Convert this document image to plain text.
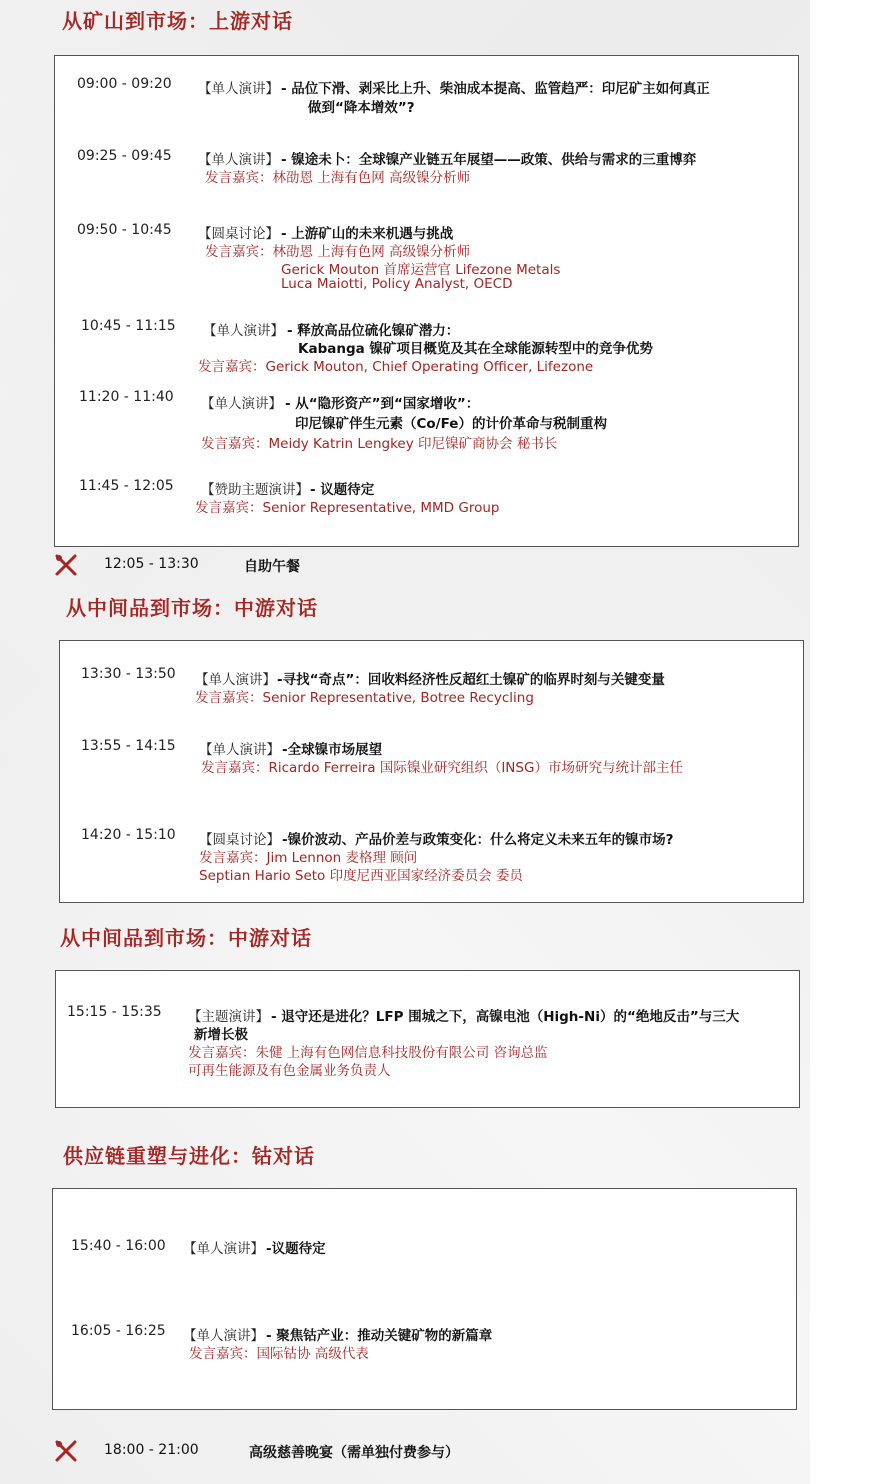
从矿山到市场：上游对话
09:00 - 09:20 【单人演讲】 - 品位下滑、剥采比上升、柴油成本提高、监管趋严：印尼矿主如何真正
做到“降本增效”?
09:25 - 09:45 【单人演讲】 - 镍途未卜：全球镍产业链五年展望——政策、供给与需求的三重博弈
发言嘉宾：林劭恩 上海有色网 高级镍分析师
09:50 - 10:45 【圆桌讨论】 - 上游矿山的未来机遇与挑战
发言嘉宾：林劭恩 上海有色网 高级镍分析师
Gerick Mouton 首席运营官 Lifezone Metals
Luca Maiotti, Policy Analyst, OECD
10:45 - 11:15 【单人演讲】 - 释放高品位硫化镍矿潜力：
Kabanga 镍矿项目概览及其在全球能源转型中的竞争优势
发言嘉宾：Gerick Mouton, Chief Operating Officer, Lifezone
11:20 - 11:40 【单人演讲】 - 从“隐形资产”到“国家增收”：
印尼镍矿伴生元素（Co/Fe）的计价革命与税制重构
发言嘉宾：Meidy Katrin Lengkey 印尼镍矿商协会 秘书长
11:45 - 12:05 【赞助主题演讲】 - 议题待定
发言嘉宾：Senior Representative, MMD Group
12:05 - 13:30	自助午餐
从中间品到市场：中游对话
13:30 - 13:50 【单人演讲】 -寻找“奇点”：回收料经济性反超红土镍矿的临界时刻与关键变量
发言嘉宾：Senior Representative, Botree Recycling
13:55 - 14:15 【单人演讲】 -全球镍市场展望
发言嘉宾：Ricardo Ferreira 国际镍业研究组织（INSG）市场研究与统计部主任
14:20 - 15:10 【圆桌讨论】 -镍价波动、产品价差与政策变化：什么将定义未来五年的镍市场?
发言嘉宾：Jim Lennon 麦格理 顾问
Septian Hario Seto 印度尼西亚国家经济委员会 委员
从中间品到市场：中游对话
15:15 - 15:35 【主题演讲】 - 退守还是进化？LFP 围城之下，高镍电池（High-Ni）的“绝地反击”与三大
新增长极
发言嘉宾：朱健 上海有色网信息科技股份有限公司 咨询总监
可再生能源及有色金属业务负责人
供应链重塑与进化：钴对话
15:40 - 16:00 【单人演讲】 -议题待定
16:05 - 16:25 【单人演讲】 - 聚焦钴产业：推动关键矿物的新篇章
发言嘉宾：国际钴协 高级代表
18:00 - 21:00	高级慈善晚宴（需单独付费参与）
